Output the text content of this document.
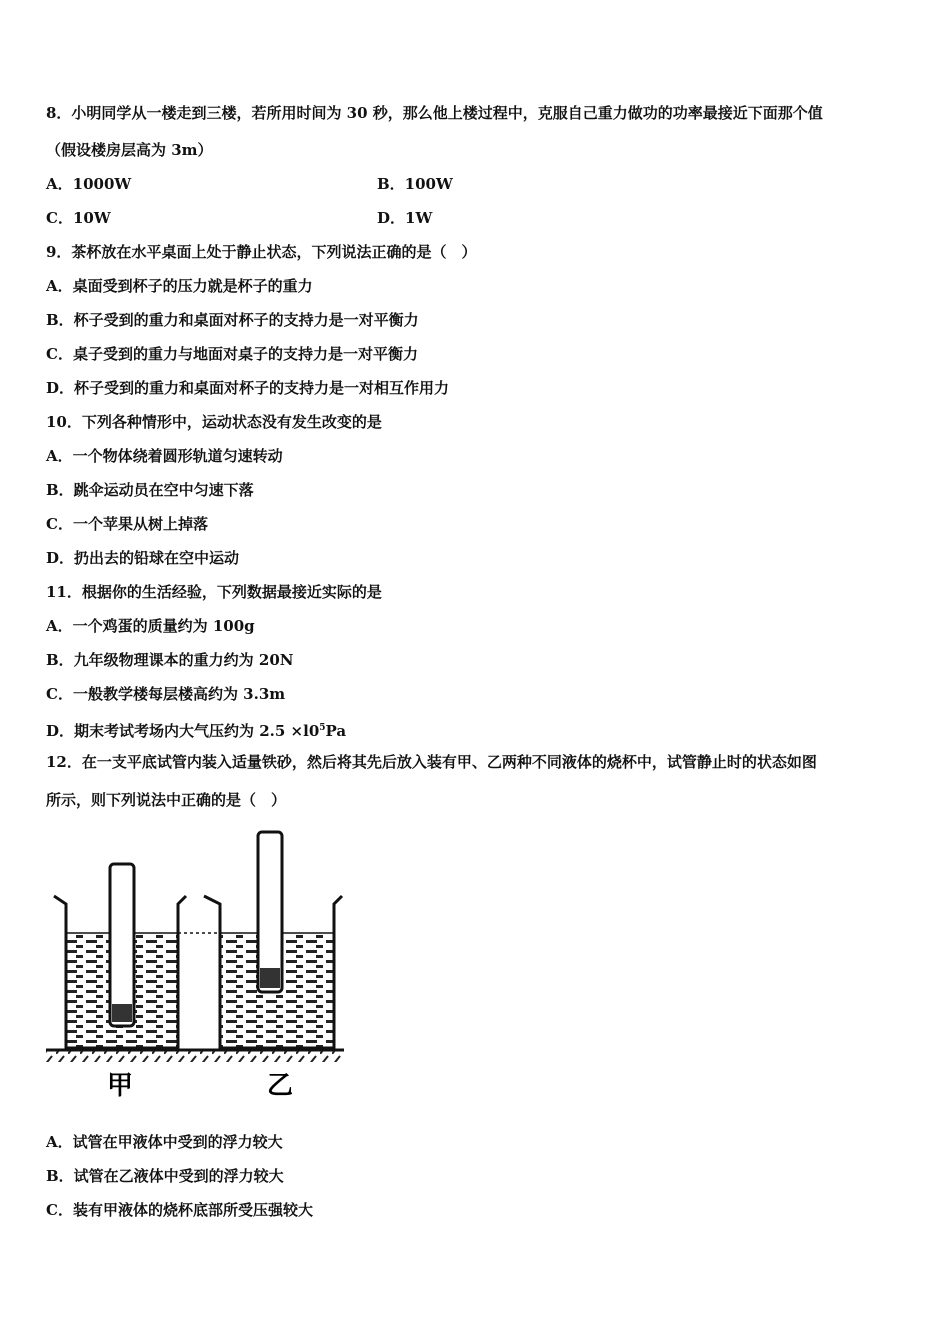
8．小明同学从一楼走到三楼，若所用时间为 30 秒，那么他上楼过程中，克服自己重力做功的功率最接近下面那个值
（假设楼房层高为 3m）
A．1000W	B．100W
C．10W	D．1W
9．茶杯放在水平桌面上处于静止状态，下列说法正确的是（　）
A．桌面受到杯子的压力就是杯子的重力
B．杯子受到的重力和桌面对杯子的支持力是一对平衡力
C．桌子受到的重力与地面对桌子的支持力是一对平衡力
D．杯子受到的重力和桌面对杯子的支持力是一对相互作用力
10．下列各种情形中，运动状态没有发生改变的是
A．一个物体绕着圆形轨道匀速转动
B．跳伞运动员在空中匀速下落
C．一个苹果从树上掉落
D．扔出去的铅球在空中运动
11．根据你的生活经验，下列数据最接近实际的是
A．一个鸡蛋的质量约为 100g
B．九年级物理课本的重力约为 20N
C．一般教学楼每层楼高约为 3.3m
D．期末考试考场内大气压约为 $2.5 \times l0^5Pa$
12．在一支平底试管内装入适量铁砂，然后将其先后放入装有甲、乙两种不同液体的烧杯中，试管静止时的状态如图
所示，则下列说法中正确的是（　）
甲	乙
A．试管在甲液体中受到的浮力较大
B．试管在乙液体中受到的浮力较大
C．装有甲液体的烧杯底部所受压强较大
